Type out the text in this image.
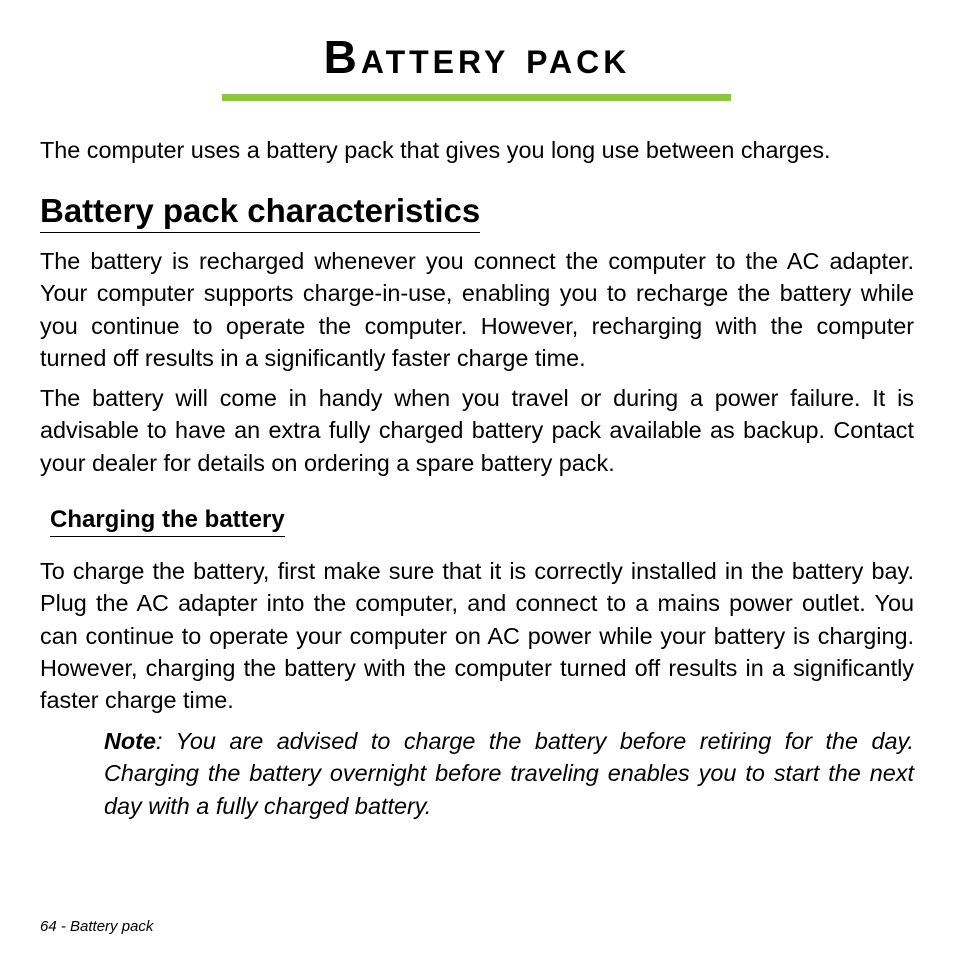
Battery pack

The computer uses a battery pack that gives you long use between charges.

Battery pack characteristics

The battery is recharged whenever you connect the computer to the AC adapter. Your computer supports charge-in-use, enabling you to recharge the battery while you continue to operate the computer. However, recharging with the computer turned off results in a significantly faster charge time.

The battery will come in handy when you travel or during a power failure. It is advisable to have an extra fully charged battery pack available as backup. Contact your dealer for details on ordering a spare battery pack.

Charging the battery

To charge the battery, first make sure that it is correctly installed in the battery bay. Plug the AC adapter into the computer, and connect to a mains power outlet. You can continue to operate your computer on AC power while your battery is charging. However, charging the battery with the computer turned off results in a significantly faster charge time.

Note: You are advised to charge the battery before retiring for the day. Charging the battery overnight before traveling enables you to start the next day with a fully charged battery.

64 - Battery pack
